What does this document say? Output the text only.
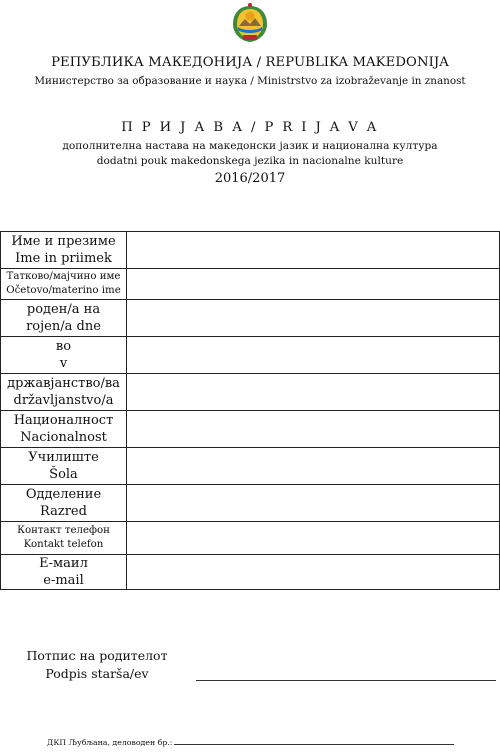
РЕПУБЛИКА МАКЕДОНИЈА / REPUBLIKA MAKEDONIJA
Министерство за образование и наука / Ministrstvo za izobraževanje in znanost
П Р И Ј А В А / P R I J A V A
дополнителна настава на македонски јазик и национална култура
dodatni pouk makedonskega jezika in nacionalne kulture
2016/2017
Име и презиме
Ime in priimek	

Татково/мајчино име
Očetovo/materino ime	

роден/а на
rojen/a dne	

во
v	

државјанство/ва
državljanstvo/a	

Националност
Nacionalnost	

Училиште
Šola	

Одделение
Razred	

Контакт телефон
Kontakt telefon	

Е-маил
e-mail	

Потпис на родителот
Podpis starša/ev
ДКП Љубљана, деловоден бр.:
